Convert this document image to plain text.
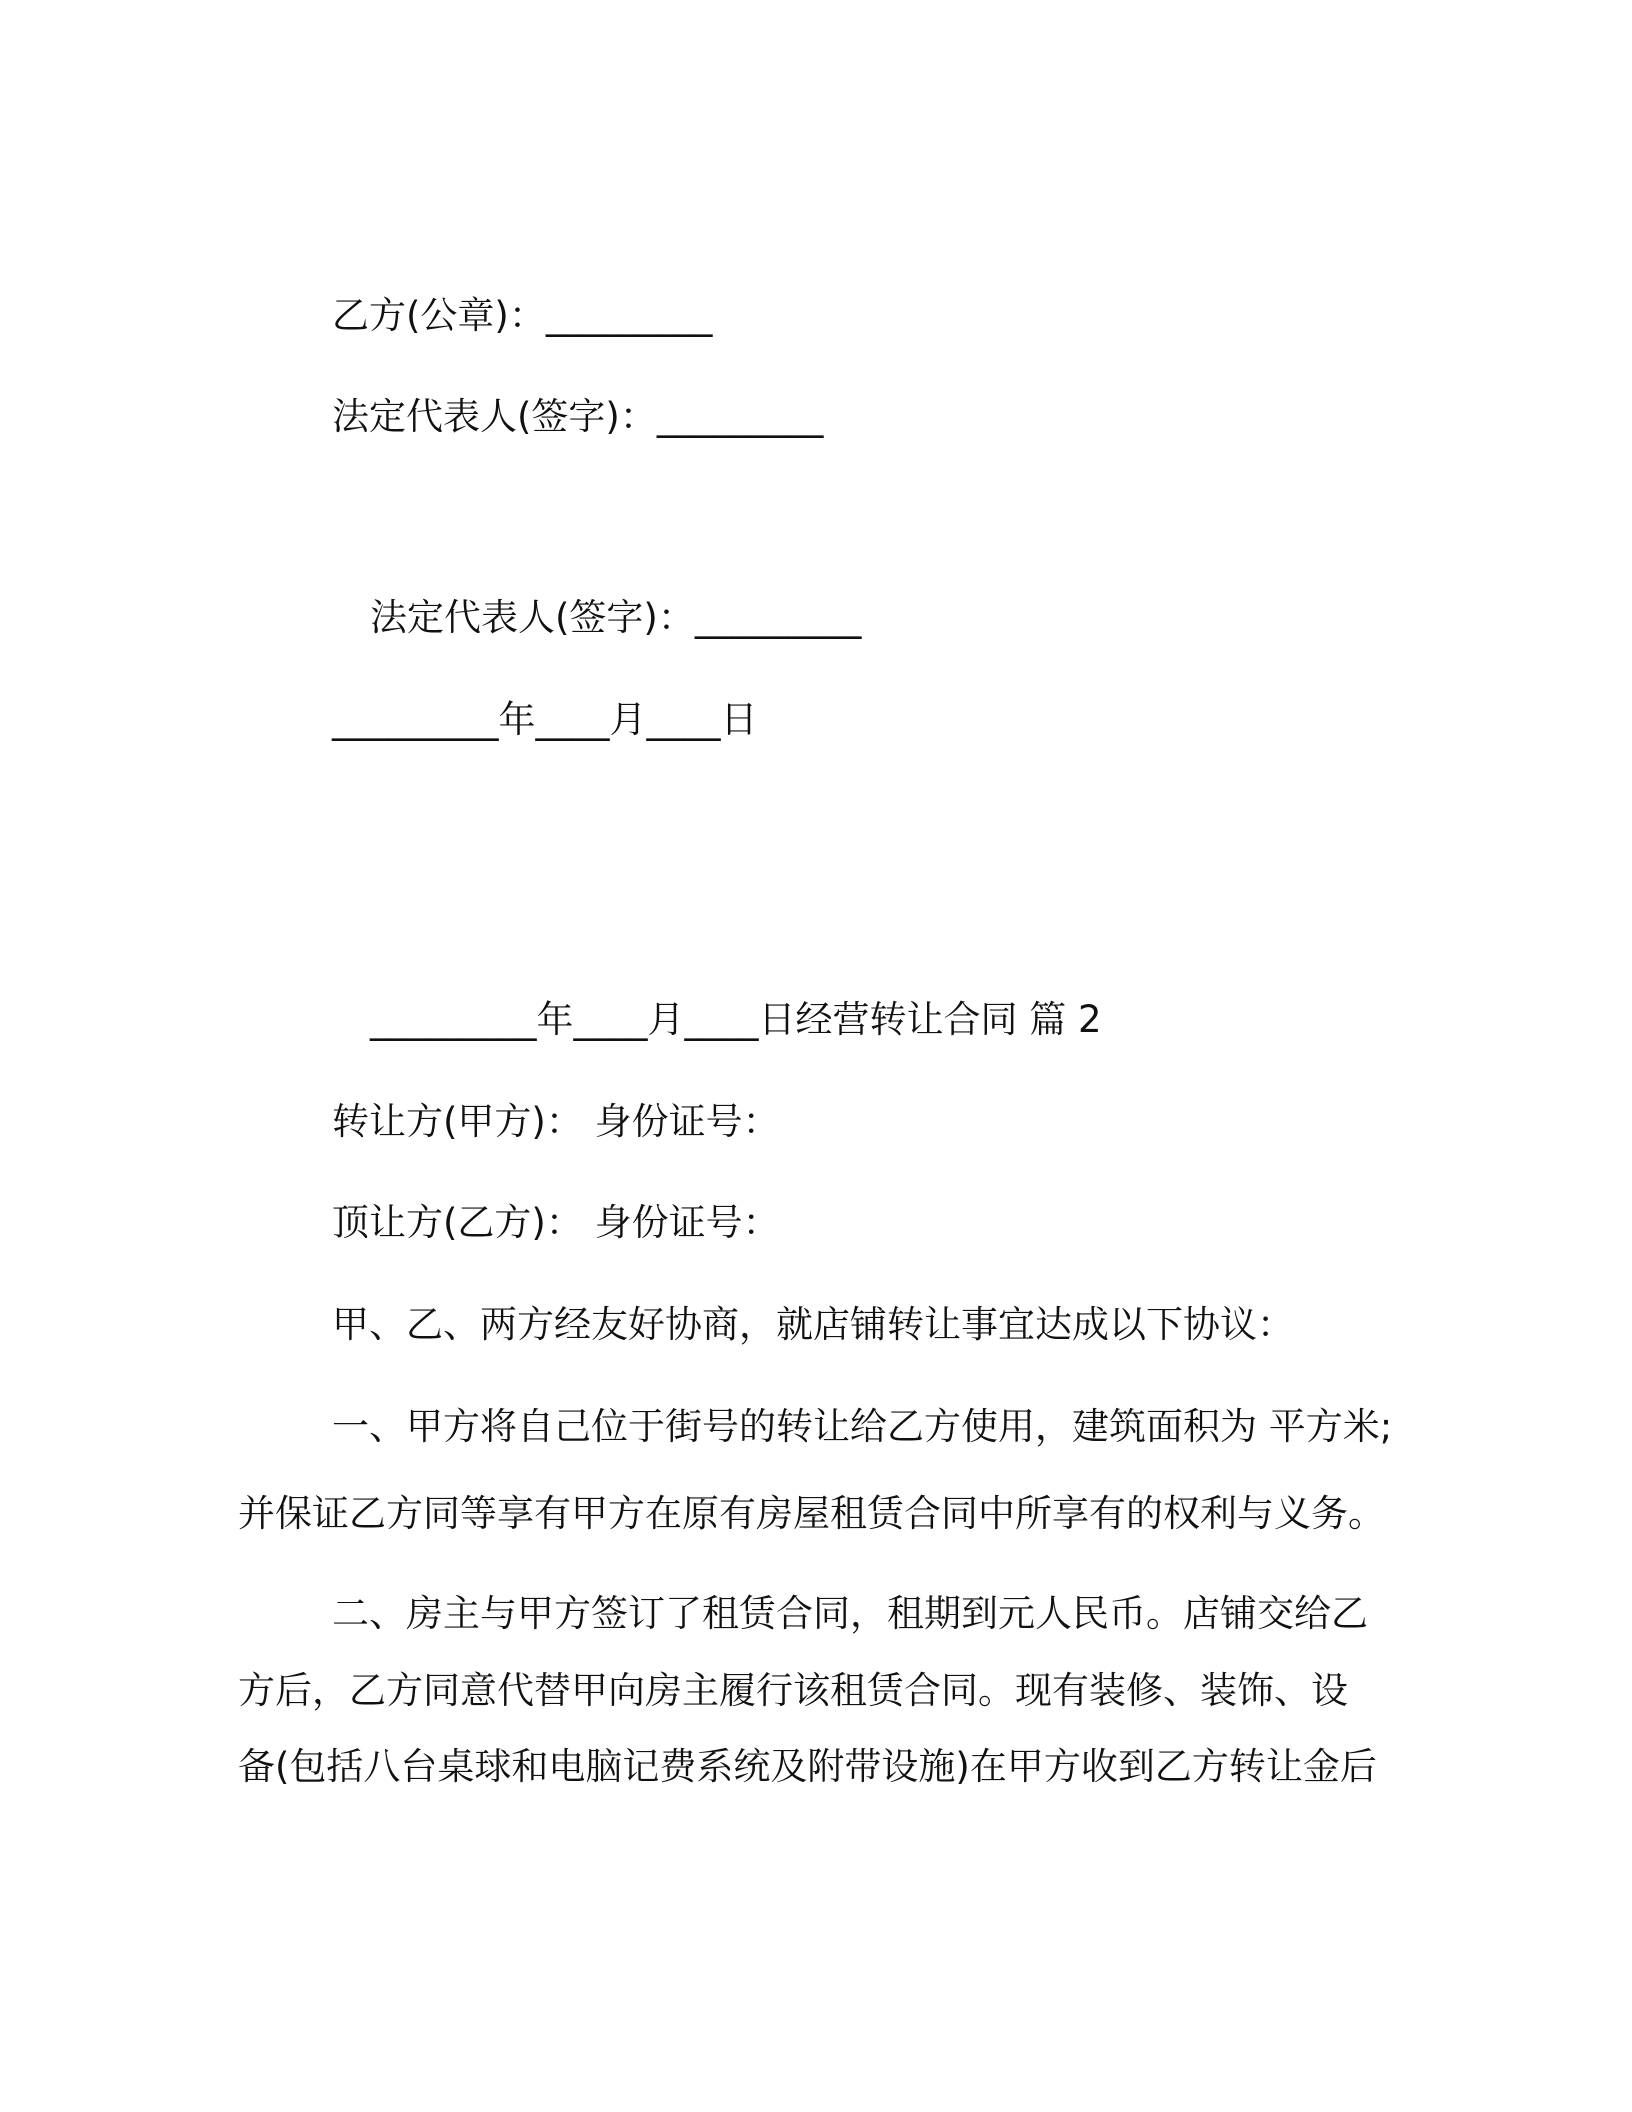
乙方(公章)：_________
法定代表人(签字)：_________
法定代表人(签字)：_________
_________年____月____日
_________年____月____日经营转让合同 篇 2
转让方(甲方)： 身份证号：
顶让方(乙方)： 身份证号：
甲、乙、两方经友好协商，就店铺转让事宜达成以下协议：
一、甲方将自己位于街号的转让给乙方使用，建筑面积为 平方米;
并保证乙方同等享有甲方在原有房屋租赁合同中所享有的权利与义务。
二、房主与甲方签订了租赁合同，租期到元人民币。店铺交给乙
方后，乙方同意代替甲向房主履行该租赁合同。现有装修、装饰、设
备(包括八台桌球和电脑记费系统及附带设施)在甲方收到乙方转让金后
